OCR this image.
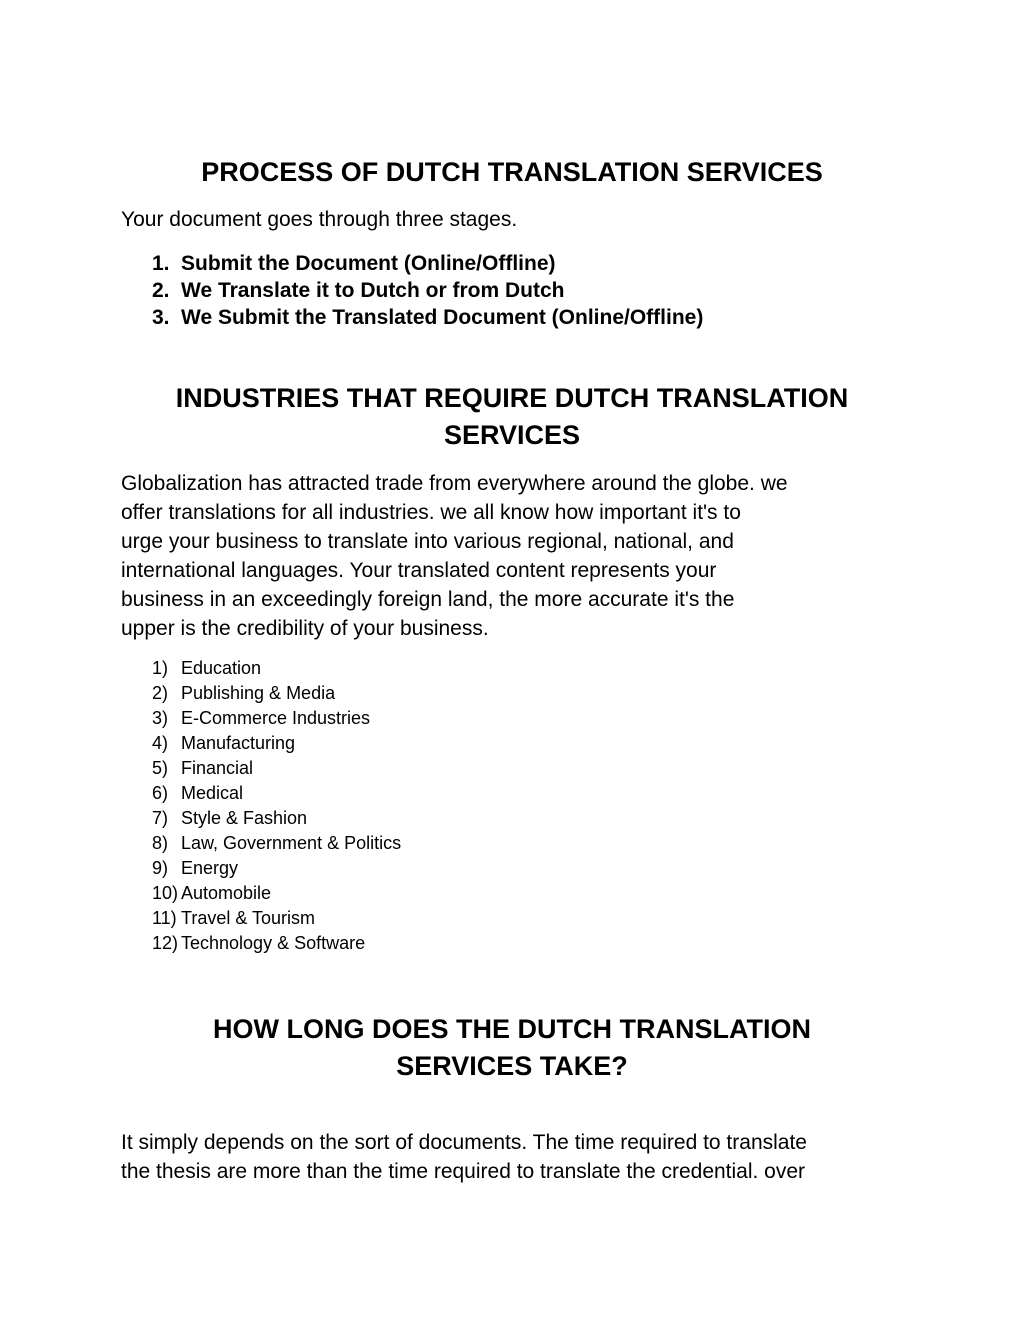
PROCESS OF DUTCH TRANSLATION SERVICES

Your document goes through three stages.

1. Submit the Document (Online/Offline)
2. We Translate it to Dutch or from Dutch
3. We Submit the Translated Document (Online/Offline)
INDUSTRIES THAT REQUIRE DUTCH TRANSLATION
SERVICES

Globalization has attracted trade from everywhere around the globe. we
offer translations for all industries. we all know how important it's to
urge your business to translate into various regional, national, and
international languages. Your translated content represents your
business in an exceedingly foreign land, the more accurate it's the
upper is the credibility of your business.

1) Education
2) Publishing & Media
3) E-Commerce Industries
4) Manufacturing
5) Financial
6) Medical
7) Style & Fashion
8) Law, Government & Politics
9) Energy
10) Automobile
11) Travel & Tourism
12) Technology & Software
HOW LONG DOES THE DUTCH TRANSLATION
SERVICES TAKE?

It simply depends on the sort of documents. The time required to translate
the thesis are more than the time required to translate the credential. over
